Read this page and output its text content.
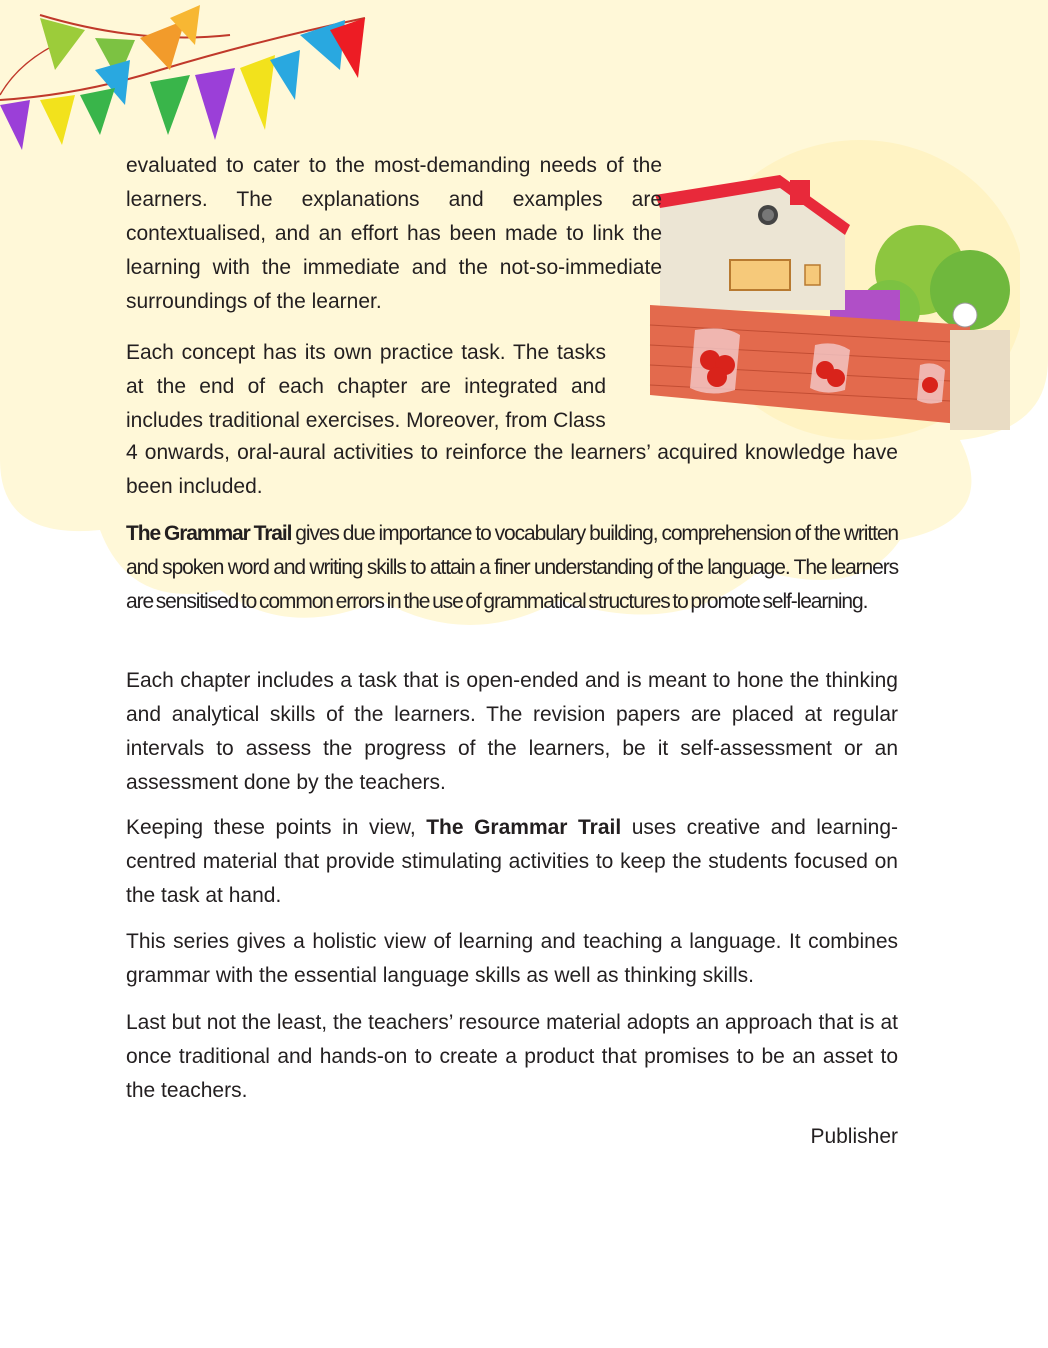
evaluated to cater to the most-demanding needs of the learners. The explanations and examples are contextualised, and an effort has been made to link the learning with the immediate and the not-so-immediate surroundings of the learner.

Each concept has its own practice task. The tasks at the end of each chapter are integrated and includes traditional exercises. Moreover, from Class

4 onwards, oral-aural activities to reinforce the learners’ acquired knowledge have been included.

The Grammar Trail gives due importance to vocabulary building, comprehension of the written and spoken word and writing skills to attain a finer understanding of the language. The learners are sensitised to common errors in the use of grammatical structures to promote self-learning.

Each chapter includes a task that is open-ended and is meant to hone the thinking and analytical skills of the learners. The revision papers are placed at regular intervals to assess the progress of the learners, be it self-assessment or an assessment done by the teachers.

Keeping these points in view, The Grammar Trail uses creative and learning-centred material that provide stimulating activities to keep the students focused on the task at hand.

This series gives a holistic view of learning and teaching a language. It combines grammar with the essential language skills as well as thinking skills.

Last but not the least, the teachers’ resource material adopts an approach that is at once traditional and hands-on to create a product that promises to be an asset to the teachers.

Publisher
